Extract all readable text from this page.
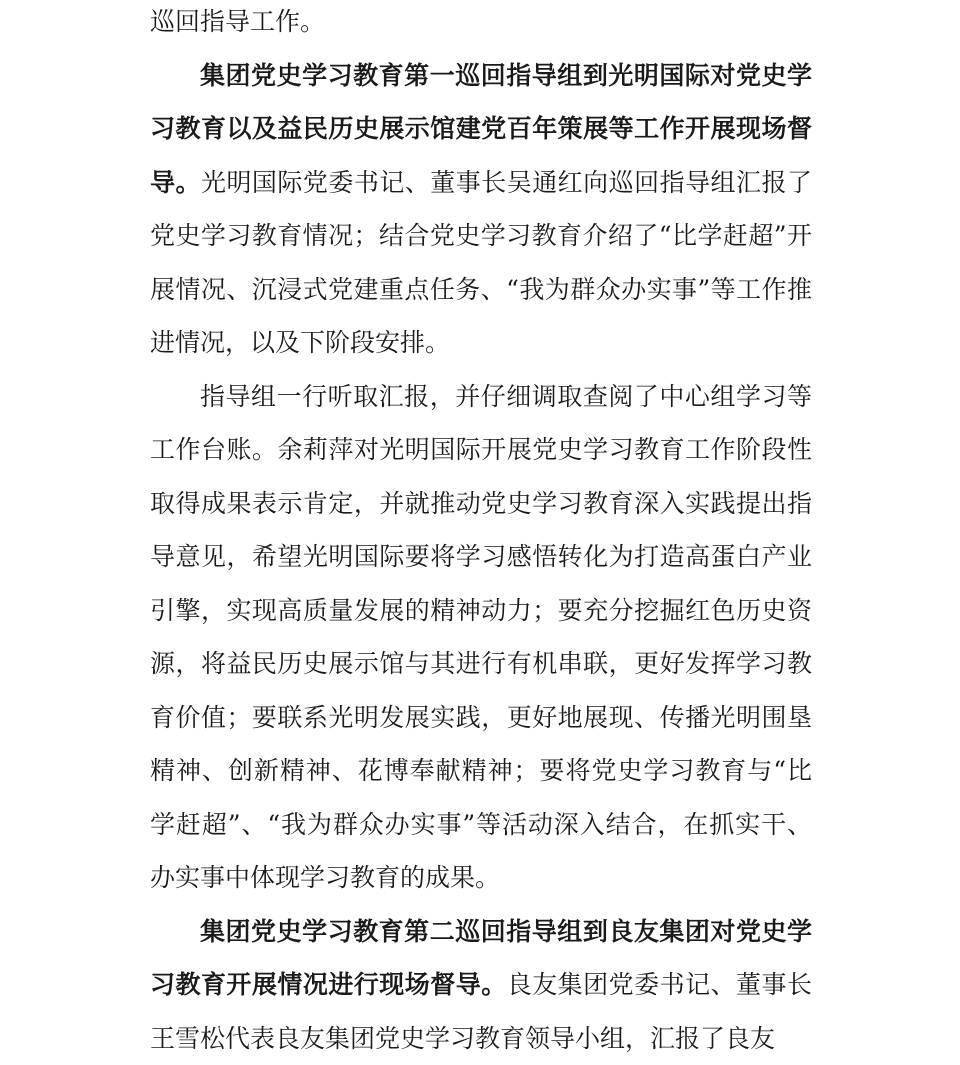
巡回指导工作。

集团党史学习教育第一巡回指导组到光明国际对党史学习教育以及益民历史展示馆建党百年策展等工作开展现场督导。光明国际党委书记、董事长吴通红向巡回指导组汇报了党史学习教育情况；结合党史学习教育介绍了“比学赶超”开展情况、沉浸式党建重点任务、“我为群众办实事”等工作推进情况，以及下阶段安排。

指导组一行听取汇报，并仔细调取查阅了中心组学习等工作台账。余莉萍对光明国际开展党史学习教育工作阶段性取得成果表示肯定，并就推动党史学习教育深入实践提出指导意见，希望光明国际要将学习感悟转化为打造高蛋白产业引擎，实现高质量发展的精神动力；要充分挖掘红色历史资源，将益民历史展示馆与其进行有机串联，更好发挥学习教育价值；要联系光明发展实践，更好地展现、传播光明围垦精神、创新精神、花博奉献精神；要将党史学习教育与“比学赶超”、“我为群众办实事”等活动深入结合，在抓实干、办实事中体现学习教育的成果。

集团党史学习教育第二巡回指导组到良友集团对党史学习教育开展情况进行现场督导。良友集团党委书记、董事长王雪松代表良友集团党史学习教育领导小组，汇报了良友
